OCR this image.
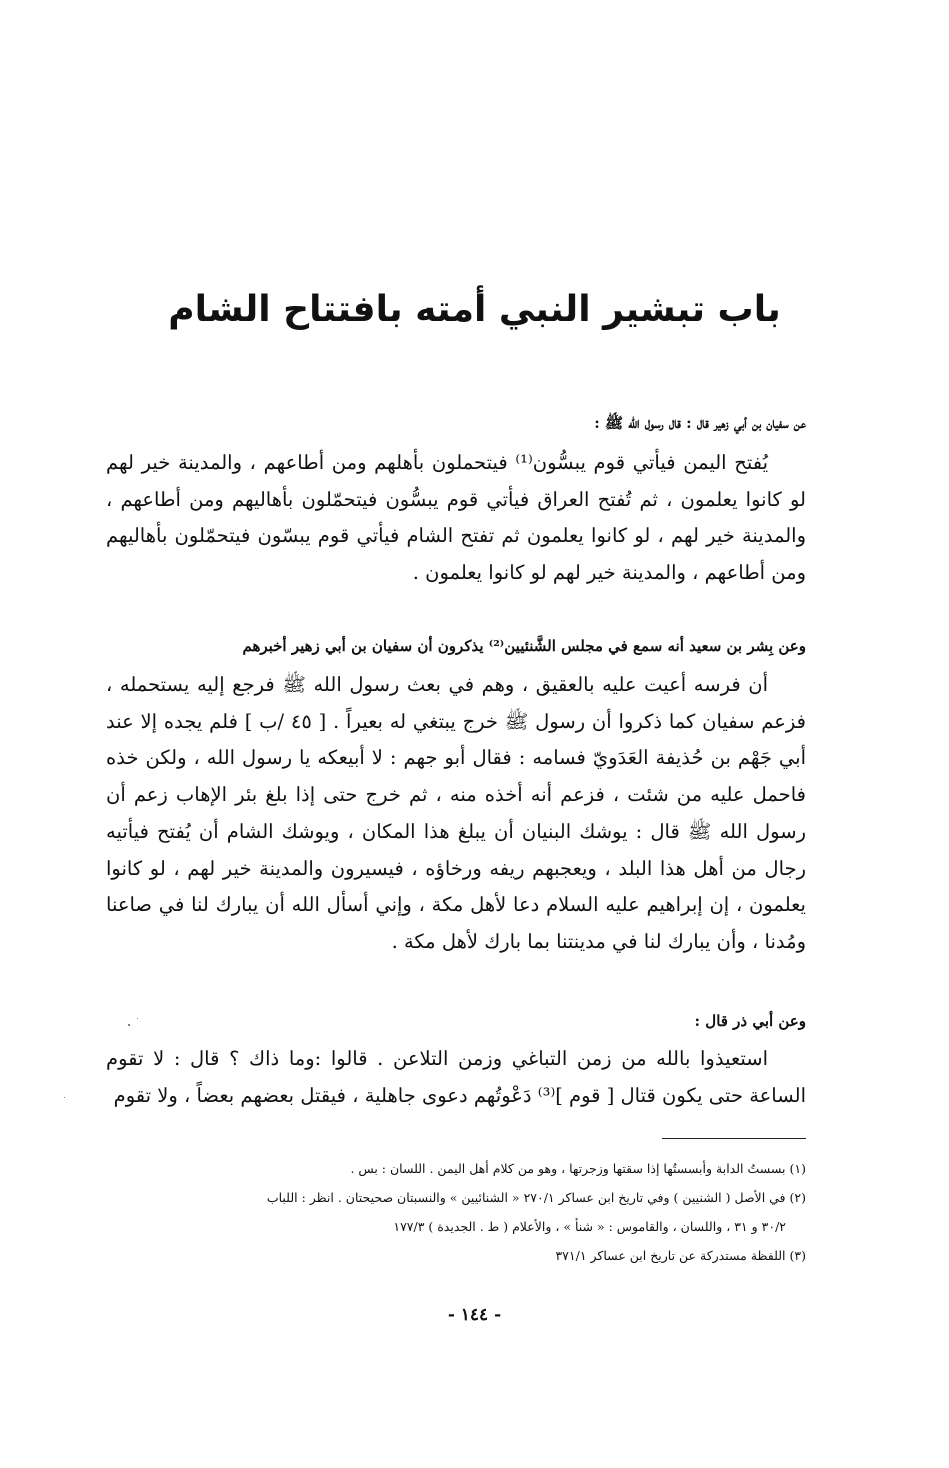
باب تبشير النبي أمته بافتتاح الشام
عن سفيان بن أبي زهير قال : قال رسول الله ﷺ :

يُفتح اليمن فيأتي قوم يبسُّون⁽¹⁾ فيتحملون بأهلهم ومن أطاعهم ، والمدينة خير لهم لو كانوا يعلمون ، ثم تُفتح العراق فيأتي قوم يبسُّون فيتحمّلون بأهاليهم ومن أطاعهم ، والمدينة خير لهم ، لو كانوا يعلمون ثم تفتح الشام فيأتي قوم يبسّون فيتحمّلون بأهاليهم ومن أطاعهم ، والمدينة خير لهم لو كانوا يعلمون .

وعن بِشر بن سعيد أنه سمع في مجلس الشَّنئيين⁽²⁾ يذكرون أن سفيان بن أبي زهير أخبرهم

أن فرسه أعيت عليه بالعقيق ، وهم في بعث رسول الله ﷺ فرجع إليه يستحمله ، فزعم سفيان كما ذكروا أن رسول ﷺ خرج يبتغي له بعيراً . [ ٤٥ /ب ] فلم يجده إلا عند أبي جَهْم بن حُذيفة العَدَويّ فسامه : فقال أبو جهم : لا أبيعكه يا رسول الله ، ولكن خذه فاحمل عليه من شئت ، فزعم أنه أخذه منه ، ثم خرج حتى إذا بلغ بئر الإهاب زعم أن رسول الله ﷺ قال : يوشك البنيان أن يبلغ هذا المكان ، ويوشك الشام أن يُفتح فيأتيه رجال من أهل هذا البلد ، ويعجبهم ريفه ورخاؤه ، فيسيرون والمدينة خير لهم ، لو كانوا يعلمون ، إن إبراهيم عليه السلام دعا لأهل مكة ، وإني أسأل الله أن يبارك لنا في صاعنا ومُدنا ، وأن يبارك لنا في مدينتنا بما بارك لأهل مكة .

وعن أبي ذر قال :

استعيذوا بالله من زمن التباغي وزمن التلاعن . قالوا :وما ذاك ؟ قال : لا تقوم الساعة حتى يكون قتال [ قوم ]⁽³⁾ دَعْوتُهم دعوى جاهلية ، فيقتل بعضهم بعضاً ، ولا تقوم

(١) بسستُ الدابة وأبسستُها إذا سقتها وزجرتها ، وهو من كلام أهل اليمن . اللسان : بس .

(٢) في الأصل ( الشنيين ) وفي تاريخ ابن عساكر ٢٧٠/١ « الشنائيين » والنسبتان صحيحتان . انظر : اللباب

٣٠/٢ و ٣١ ، واللسان ، والقاموس : « شنأ » ، والأعلام ( ط . الجديدة ) ١٧٧/٣

(٣) اللفظة مستدركة عن تاريخ ابن عساكر ٣٧١/١

- ١٤٤ -
